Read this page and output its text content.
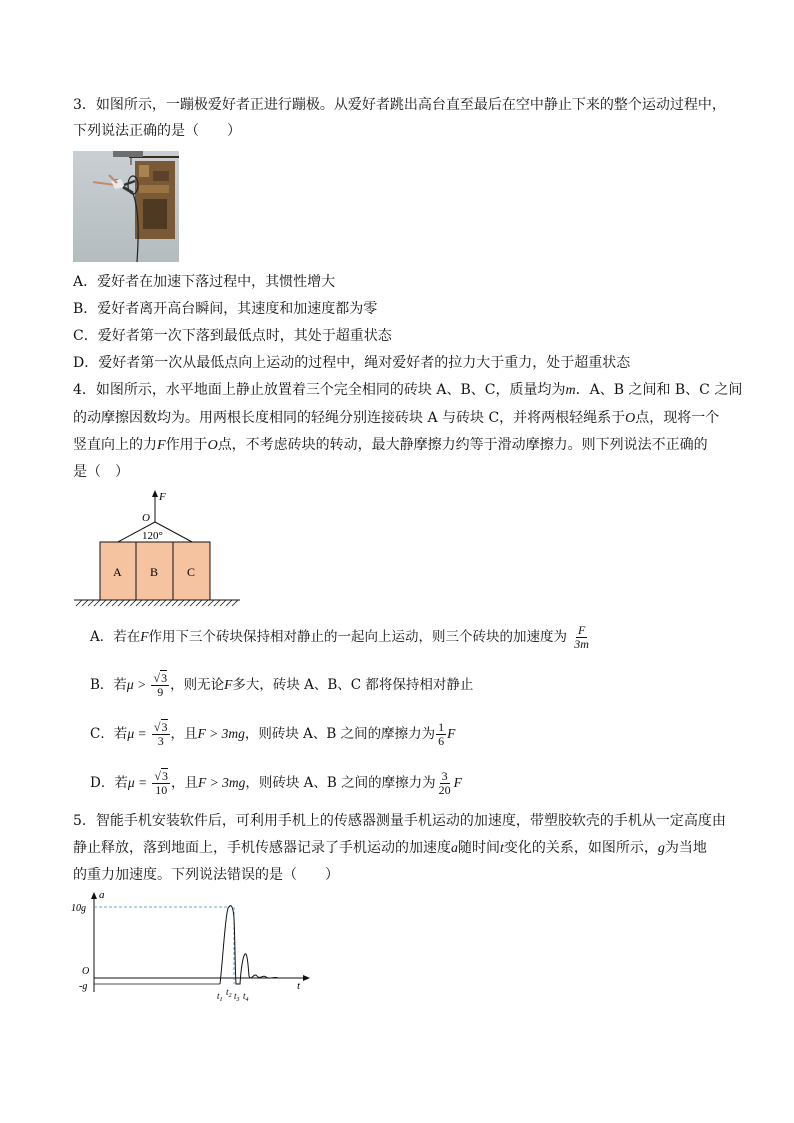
3．如图所示，一蹦极爱好者正进行蹦极。从爱好者跳出高台直至最后在空中静止下来的整个运动过程中，
下列说法正确的是（　　）
A．爱好者在加速下落过程中，其惯性增大
B．爱好者离开高台瞬间，其速度和加速度都为零
C．爱好者第一次下落到最低点时，其处于超重状态
D．爱好者第一次从最低点向上运动的过程中，绳对爱好者的拉力大于重力，处于超重状态
4．如图所示，水平地面上静止放置着三个完全相同的砖块 A、B、C，质量均为m．A、B 之间和 B、C 之间
的动摩擦因数均为。用两根长度相同的轻绳分别连接砖块 A 与砖块 C，并将两根轻绳系于O点，现将一个
竖直向上的力F作用于O点，不考虑砖块的转动，最大静摩擦力约等于滑动摩擦力。则下列说法不正确的
是（　）
F
O
120°
A B C
A．若在F作用下三个砖块保持相对静止的一起向上运动，则三个砖块的加速度为 $\frac{F}{3m}$
B．若$\mu > \frac{√3}{9}$ ，则无论F多大，砖块 A、B、C 都将保持相对静止
C．若$\mu = \frac{√3}{3}$ ，且F > 3mg，则砖块 A、B 之间的摩擦力为 $\frac{1}{6}$ F
D．若$\mu = \frac{√3}{10}$ ，且F > 3mg，则砖块 A、B 之间的摩擦力为 $\frac{3}{20}$ F
5．智能手机安装软件后，可利用手机上的传感器测量手机运动的加速度，带塑胶软壳的手机从一定高度由
静止释放，落到地面上，手机传感器记录了手机运动的加速度a随时间t变化的关系，如图所示，g为当地
的重力加速度。下列说法错误的是（　　）
a
t
10g
O
-g
$t_1$
$t_2$ $t_3$ $t_4$
